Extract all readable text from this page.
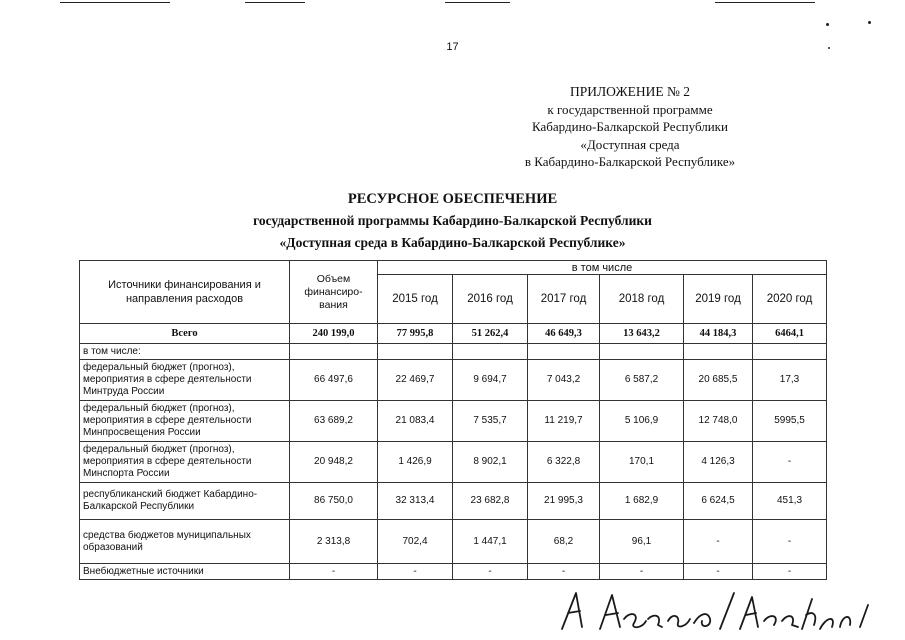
17
ПРИЛОЖЕНИЕ № 2
к государственной программе
Кабардино-Балкарской Республики
«Доступная среда
в Кабардино-Балкарской Республике»
РЕСУРСНОЕ ОБЕСПЕЧЕНИЕ
государственной программы Кабардино-Балкарской Республики
«Доступная среда в Кабардино-Балкарской Республике»
Источники финансирования и направления расходов	Объем финансиро- вания	в том числе					
		2015 год	2016 год	2017 год	2018 год	2019 год	2020 год
Всего	240 199,0	77 995,8	51 262,4	46 649,3	13 643,2	44 184,3	6464,1
в том числе:							
федеральный бюджет (прогноз), мероприятия в сфере деятельности Минтруда России	66 497,6	22 469,7	9 694,7	7 043,2	6 587,2	20 685,5	17,3
федеральный бюджет (прогноз), мероприятия в сфере деятельности Минпросвещения России	63 689,2	21 083,4	7 535,7	11 219,7	5 106,9	12 748,0	5995,5
федеральный бюджет (прогноз), мероприятия в сфере деятельности Минспорта России	20 948,2	1 426,9	8 902,1	6 322,8	170,1	4 126,3	-
республиканский бюджет Кабардино-Балкарской Республики	86 750,0	32 313,4	23 682,8	21 995,3	1 682,9	6 624,5	451,3
средства бюджетов муниципальных образований	2 313,8	702,4	1 447,1	68,2	96,1	-	-
Внебюджетные источники	-	-	-	-	-	-	-
